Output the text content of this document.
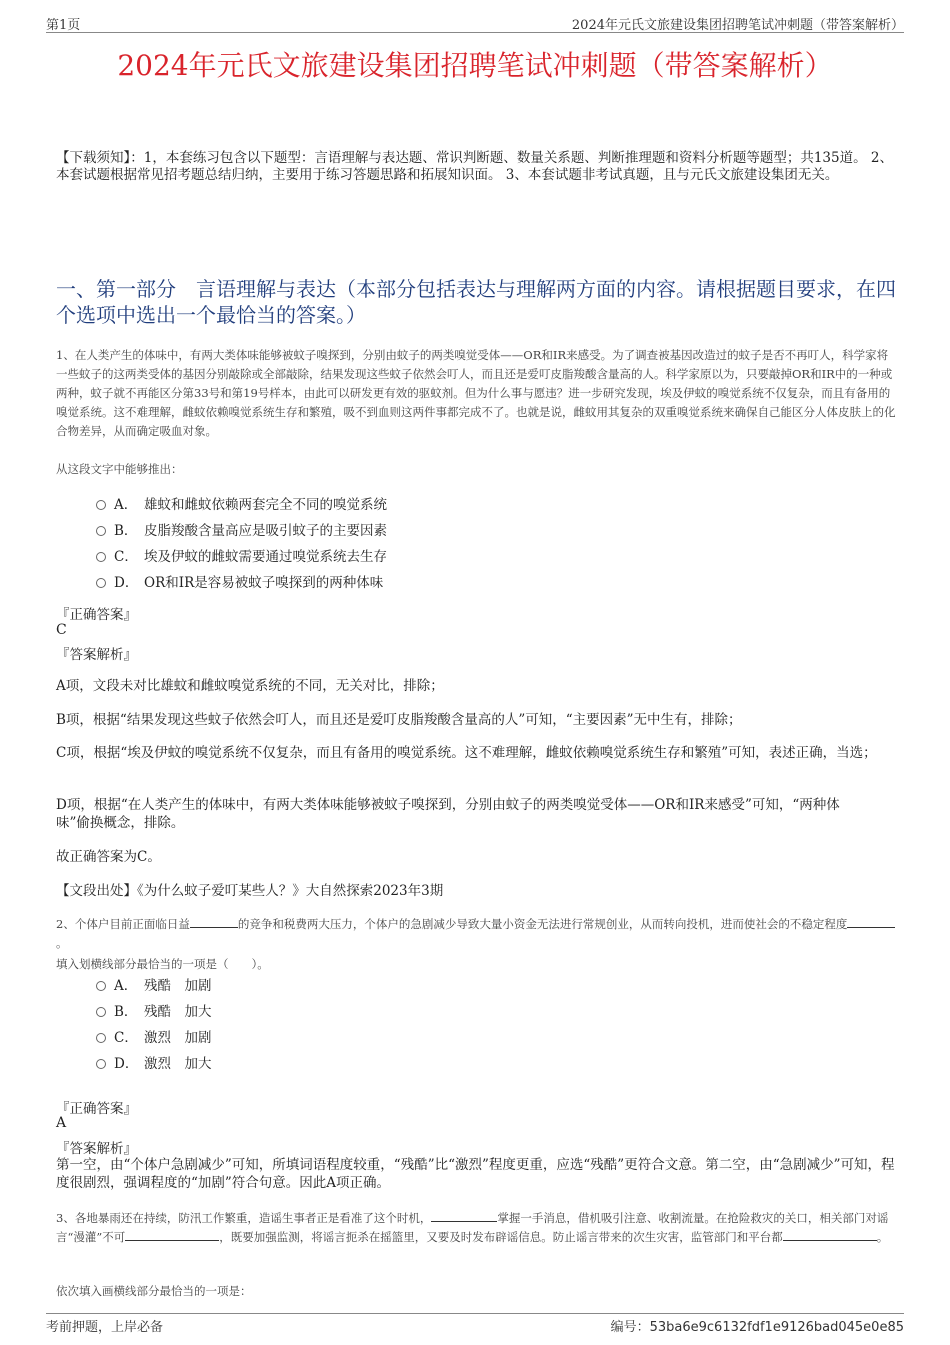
第1页	2024年元氏文旅建设集团招聘笔试冲刺题（带答案解析）
2024年元氏文旅建设集团招聘笔试冲刺题（带答案解析）
【下载须知】：1，本套练习包含以下题型：言语理解与表达题、常识判断题、数量关系题、判断推理题和资料分析题等题型；共135道。 2、本套试题根据常见招考题总结归纳，主要用于练习答题思路和拓展知识面。 3、本套试题非考试真题，且与元氏文旅建设集团无关。
一、第一部分　言语理解与表达（本部分包括表达与理解两方面的内容。请根据题目要求，在四个选项中选出一个最恰当的答案。）
1、在人类产生的体味中，有两大类体味能够被蚊子嗅探到，分别由蚊子的两类嗅觉受体——OR和IR来感受。为了调查被基因改造过的蚊子是否不再叮人，科学家将一些蚊子的这两类受体的基因分别敲除或全部敲除，结果发现这些蚊子依然会叮人，而且还是爱叮皮脂羧酸含量高的人。科学家原以为，只要敲掉OR和IR中的一种或两种，蚊子就不再能区分第33号和第19号样本，由此可以研发更有效的驱蚊剂。但为什么事与愿违？进一步研究发现，埃及伊蚊的嗅觉系统不仅复杂，而且有备用的嗅觉系统。这不难理解，雌蚊依赖嗅觉系统生存和繁殖，吸不到血则这两件事都完成不了。也就是说，雌蚊用其复杂的双重嗅觉系统来确保自己能区分人体皮肤上的化合物差异，从而确定吸血对象。
从这段文字中能够推出：
A． 雄蚊和雌蚊依赖两套完全不同的嗅觉系统
B． 皮脂羧酸含量高应是吸引蚊子的主要因素
C． 埃及伊蚊的雌蚊需要通过嗅觉系统去生存
D． OR和IR是容易被蚊子嗅探到的两种体味
『正确答案』
C
『答案解析』
A项，文段未对比雄蚊和雌蚊嗅觉系统的不同，无关对比，排除；
B项，根据“结果发现这些蚊子依然会叮人，而且还是爱叮皮脂羧酸含量高的人”可知，“主要因素”无中生有，排除；
C项，根据“埃及伊蚊的嗅觉系统不仅复杂，而且有备用的嗅觉系统。这不难理解，雌蚊依赖嗅觉系统生存和繁殖”可知，表述正确，当选；
D项，根据“在人类产生的体味中，有两大类体味能够被蚊子嗅探到，分别由蚊子的两类嗅觉受体——OR和IR来感受”可知，“两种体味”偷换概念，排除。
故正确答案为C。
【文段出处】《为什么蚊子爱叮某些人？》大自然探索2023年3期
2、个体户目前正面临日益	的竞争和税费两大压力，个体户的急剧减少导致大量小资金无法进行常规创业，从而转向投机，进而使社会的不稳定程度。
填入划横线部分最恰当的一项是（　　）。
A． 残酷　加剧
B． 残酷　加大
C． 激烈　加剧
D． 激烈　加大
『正确答案』
A
『答案解析』
第一空，由“个体户急剧减少”可知，所填词语程度较重，“残酷”比“激烈”程度更重，应选“残酷”更符合文意。第二空，由“急剧减少”可知，程度很剧烈，强调程度的“加剧”符合句意。因此A项正确。
3、各地暴雨还在持续，防汛工作繁重，造谣生事者正是看准了这个时机，	掌握一手消息，借机吸引注意、收割流量。在抢险救灾的关口，相关部门对谣言“漫灌”不可	，既要加强监测，将谣言扼杀在摇篮里，又要及时发布辟谣信息。防止谣言带来的次生灾害，监管部门和平台都	。
依次填入画横线部分最恰当的一项是：
考前押题，上岸必备	编号：53ba6e9c6132fdf1e9126bad045e0e85
